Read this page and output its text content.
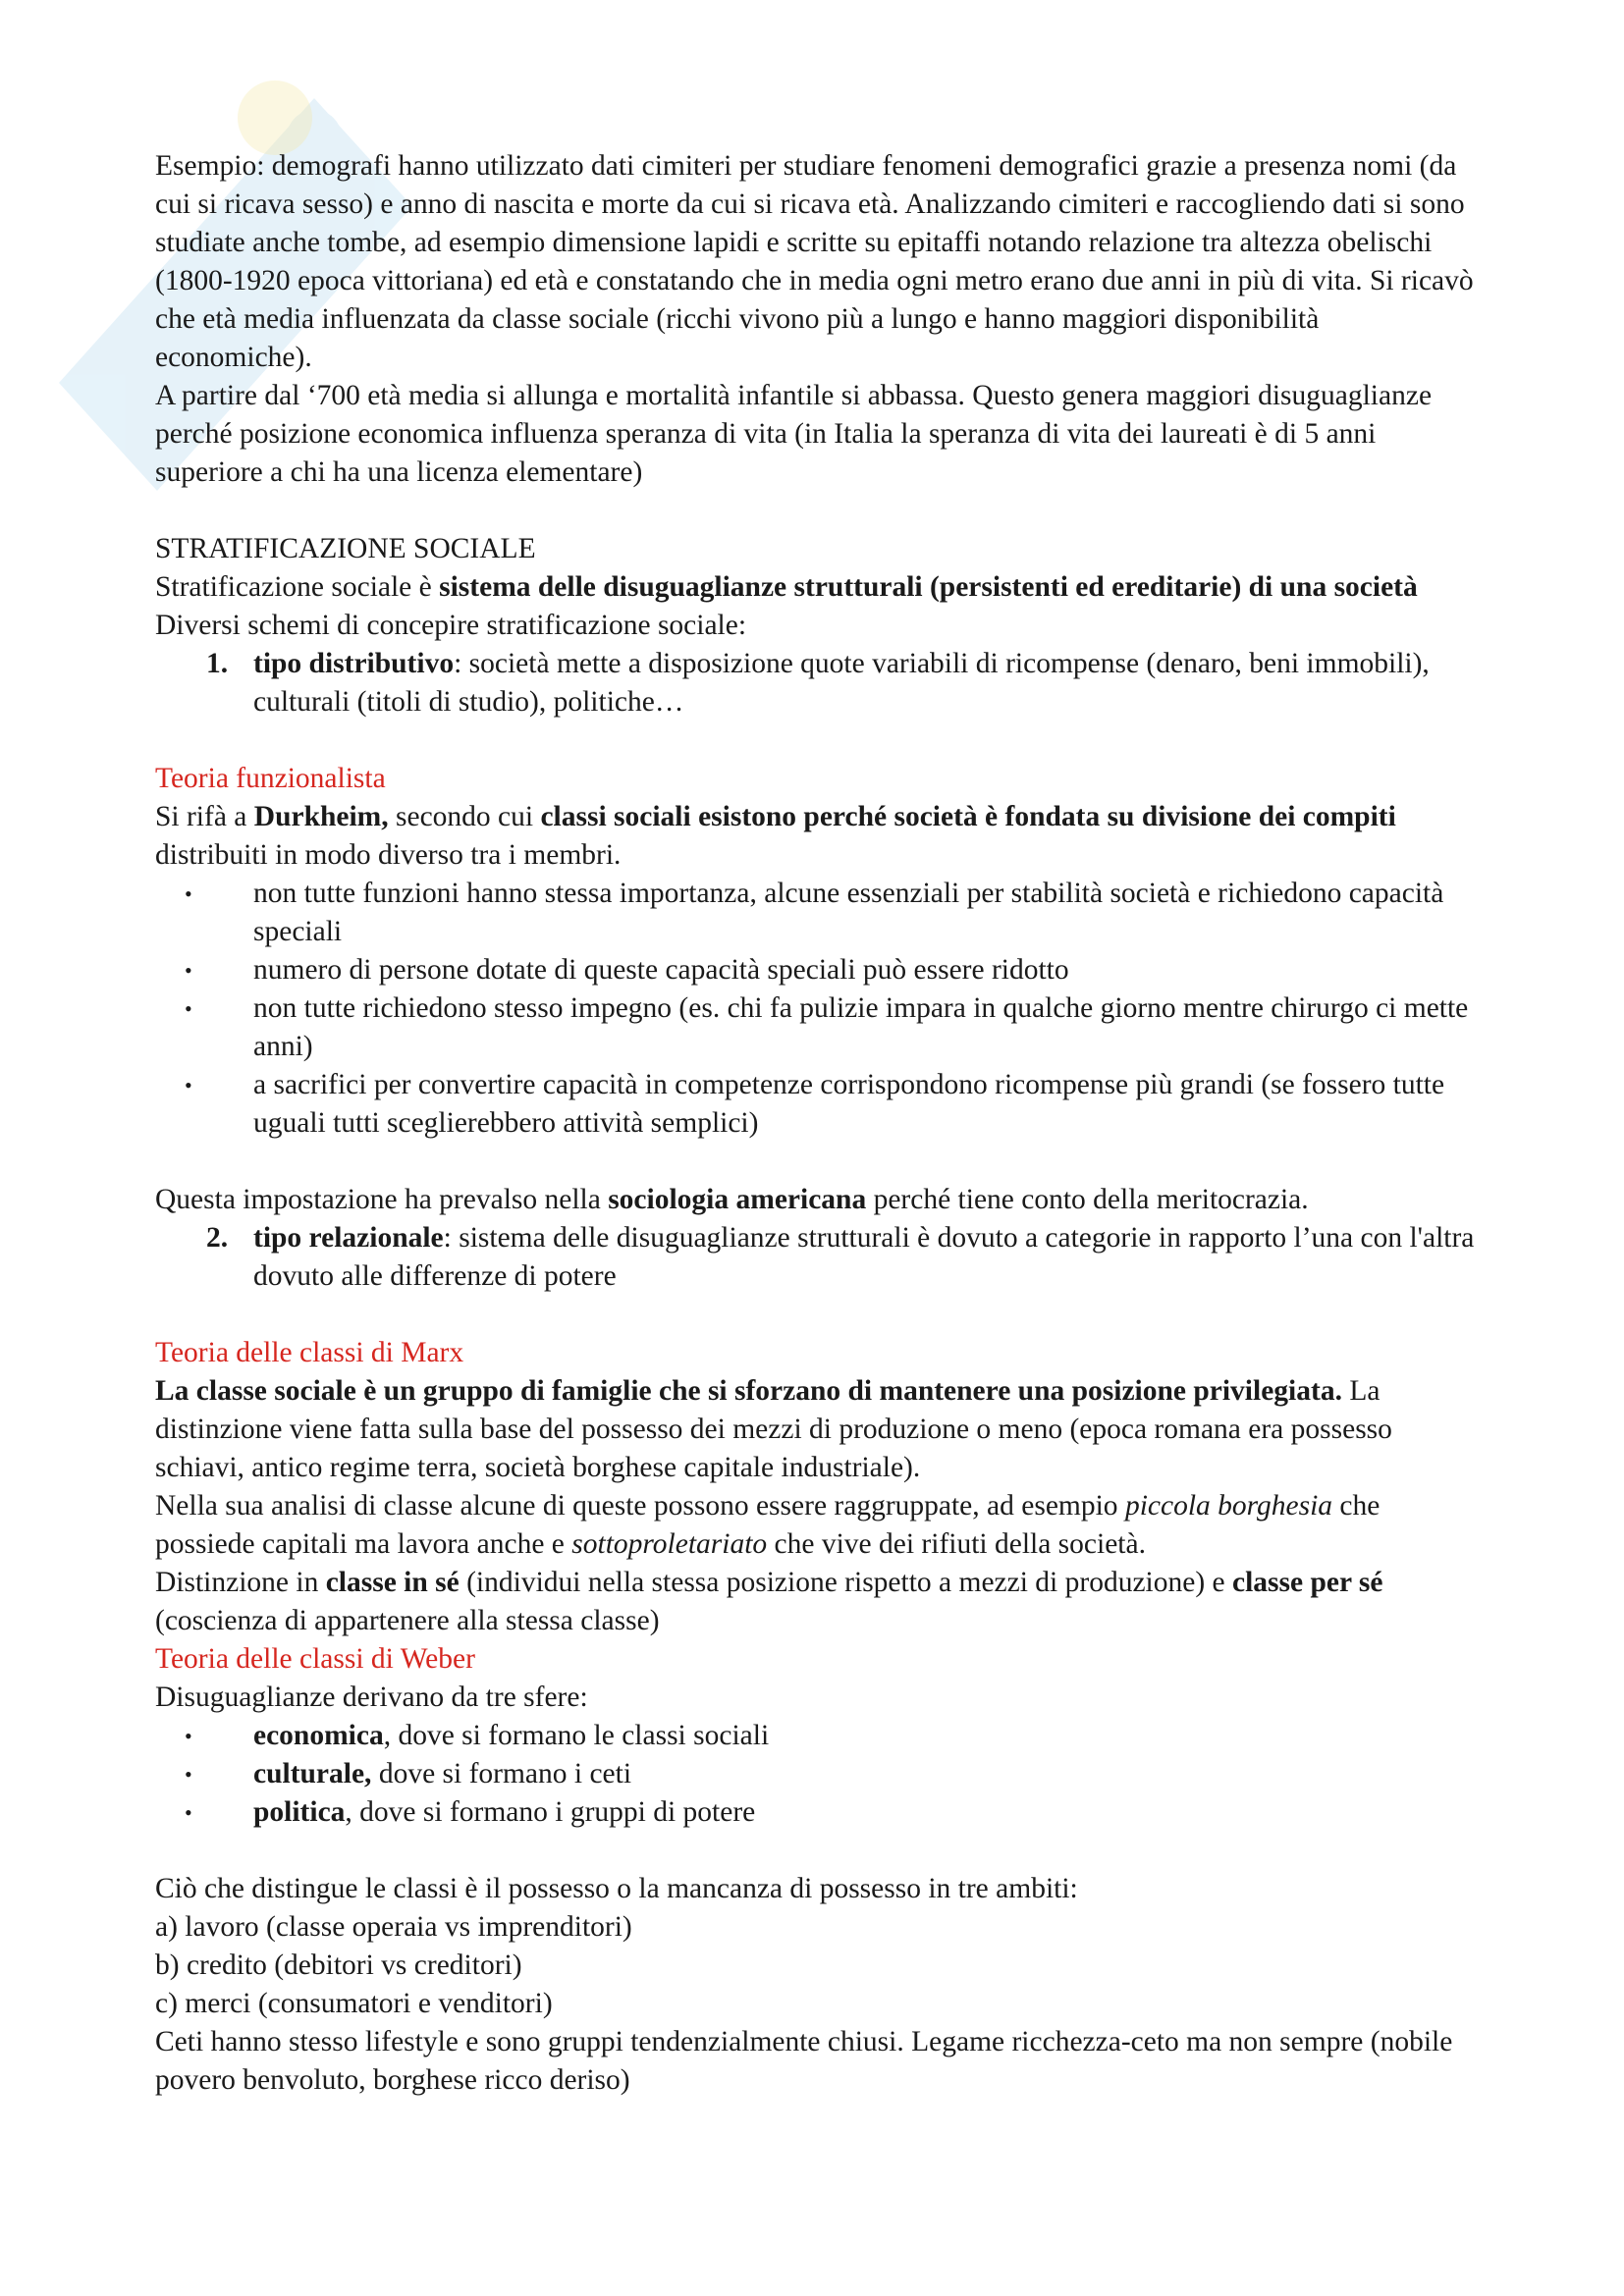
Esempio: demografi hanno utilizzato dati cimiteri per studiare fenomeni demografici grazie a presenza nomi (da cui si ricava sesso) e anno di nascita e morte da cui si ricava età. Analizzando cimiteri e raccogliendo dati si sono studiate anche tombe, ad esempio dimensione lapidi e scritte su epitaffi notando relazione tra altezza obelischi (1800-1920 epoca vittoriana) ed età e constatando che in media ogni metro erano due anni in più di vita. Si ricavò che età media influenzata da classe sociale (ricchi vivono più a lungo e hanno maggiori disponibilità economiche).

A partire dal ‘700 età media si allunga e mortalità infantile si abbassa. Questo genera maggiori disuguaglianze perché posizione economica influenza speranza di vita (in Italia la speranza di vita dei laureati è di 5 anni superiore a chi ha una licenza elementare)

STRATIFICAZIONE SOCIALE

Stratificazione sociale è sistema delle disuguaglianze strutturali (persistenti ed ereditarie) di una società

Diversi schemi di concepire stratificazione sociale:

1. tipo distributivo: società mette a disposizione quote variabili di ricompense (denaro, beni immobili), culturali (titoli di studio), politiche…

Teoria funzionalista

Si rifà a Durkheim, secondo cui classi sociali esistono perché società è fondata su divisione dei compiti distribuiti in modo diverso tra i membri.

•	non tutte funzioni hanno stessa importanza, alcune essenziali per stabilità società e richiedono capacità speciali
•	numero di persone dotate di queste capacità speciali può essere ridotto
•	non tutte richiedono stesso impegno (es. chi fa pulizie impara in qualche giorno mentre chirurgo ci mette anni)
•	a sacrifici per convertire capacità in competenze corrispondono ricompense più grandi (se fossero tutte uguali tutti sceglierebbero attività semplici)

Questa impostazione ha prevalso nella sociologia americana perché tiene conto della meritocrazia.

2. tipo relazionale: sistema delle disuguaglianze strutturali è dovuto a categorie in rapporto l’una con l'altra dovuto alle differenze di potere

Teoria delle classi di Marx

La classe sociale è un gruppo di famiglie che si sforzano di mantenere una posizione privilegiata. La distinzione viene fatta sulla base del possesso dei mezzi di produzione o meno (epoca romana era possesso schiavi, antico regime terra, società borghese capitale industriale).

Nella sua analisi di classe alcune di queste possono essere raggruppate, ad esempio piccola borghesia che possiede capitali ma lavora anche e sottoproletariato che vive dei rifiuti della società.

Distinzione in classe in sé (individui nella stessa posizione rispetto a mezzi di produzione) e classe per sé (coscienza di appartenere alla stessa classe)

Teoria delle classi di Weber

Disuguaglianze derivano da tre sfere:

•	economica, dove si formano le classi sociali
•	culturale, dove si formano i ceti
•	politica, dove si formano i gruppi di potere

Ciò che distingue le classi è il possesso o la mancanza di possesso in tre ambiti:

a) lavoro (classe operaia vs imprenditori)

b) credito (debitori vs creditori)

c) merci (consumatori e venditori)

Ceti hanno stesso lifestyle e sono gruppi tendenzialmente chiusi. Legame ricchezza-ceto ma non sempre (nobile povero benvoluto, borghese ricco deriso)
